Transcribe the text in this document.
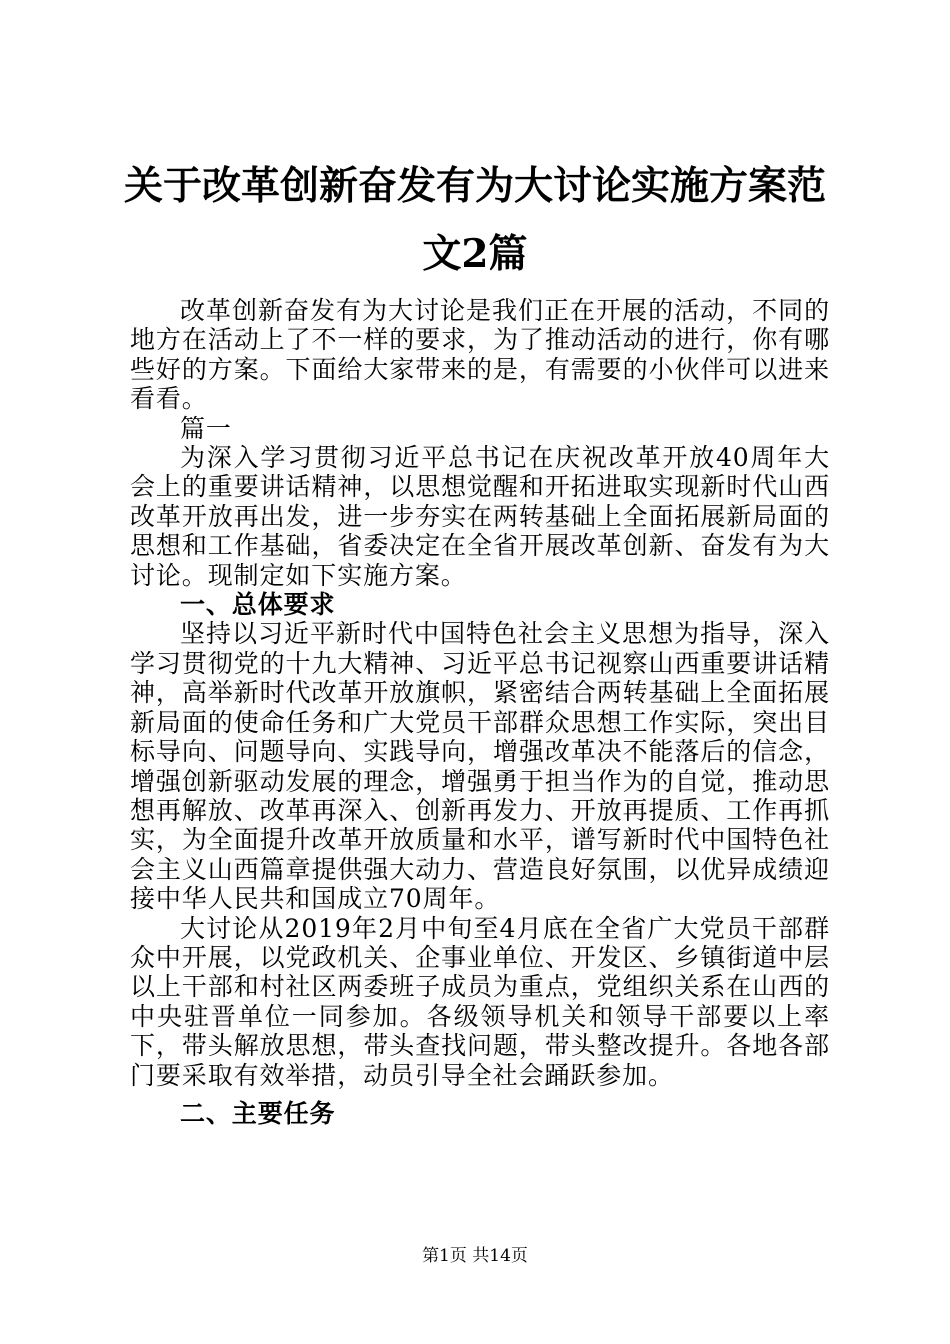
关于改革创新奋发有为大讨论实施方案范文2篇

改革创新奋发有为大讨论是我们正在开展的活动，不同的地方在活动上了不一样的要求，为了推动活动的进行，你有哪些好的方案。下面给大家带来的是，有需要的小伙伴可以进来看看。

篇一

为深入学习贯彻习近平总书记在庆祝改革开放40周年大会上的重要讲话精神，以思想觉醒和开拓进取实现新时代山西改革开放再出发，进一步夯实在两转基础上全面拓展新局面的思想和工作基础，省委决定在全省开展改革创新、奋发有为大讨论。现制定如下实施方案。

一、总体要求

坚持以习近平新时代中国特色社会主义思想为指导，深入学习贯彻党的十九大精神、习近平总书记视察山西重要讲话精神，高举新时代改革开放旗帜，紧密结合两转基础上全面拓展新局面的使命任务和广大党员干部群众思想工作实际，突出目标导向、问题导向、实践导向，增强改革决不能落后的信念，增强创新驱动发展的理念，增强勇于担当作为的自觉，推动思想再解放、改革再深入、创新再发力、开放再提质、工作再抓实，为全面提升改革开放质量和水平，谱写新时代中国特色社会主义山西篇章提供强大动力、营造良好氛围，以优异成绩迎接中华人民共和国成立70周年。

大讨论从2019年2月中旬至4月底在全省广大党员干部群众中开展，以党政机关、企事业单位、开发区、乡镇街道中层以上干部和村社区两委班子成员为重点，党组织关系在山西的中央驻晋单位一同参加。各级领导机关和领导干部要以上率下，带头解放思想，带头查找问题，带头整改提升。各地各部门要采取有效举措，动员引导全社会踊跃参加。

二、主要任务

第1页 共14页
